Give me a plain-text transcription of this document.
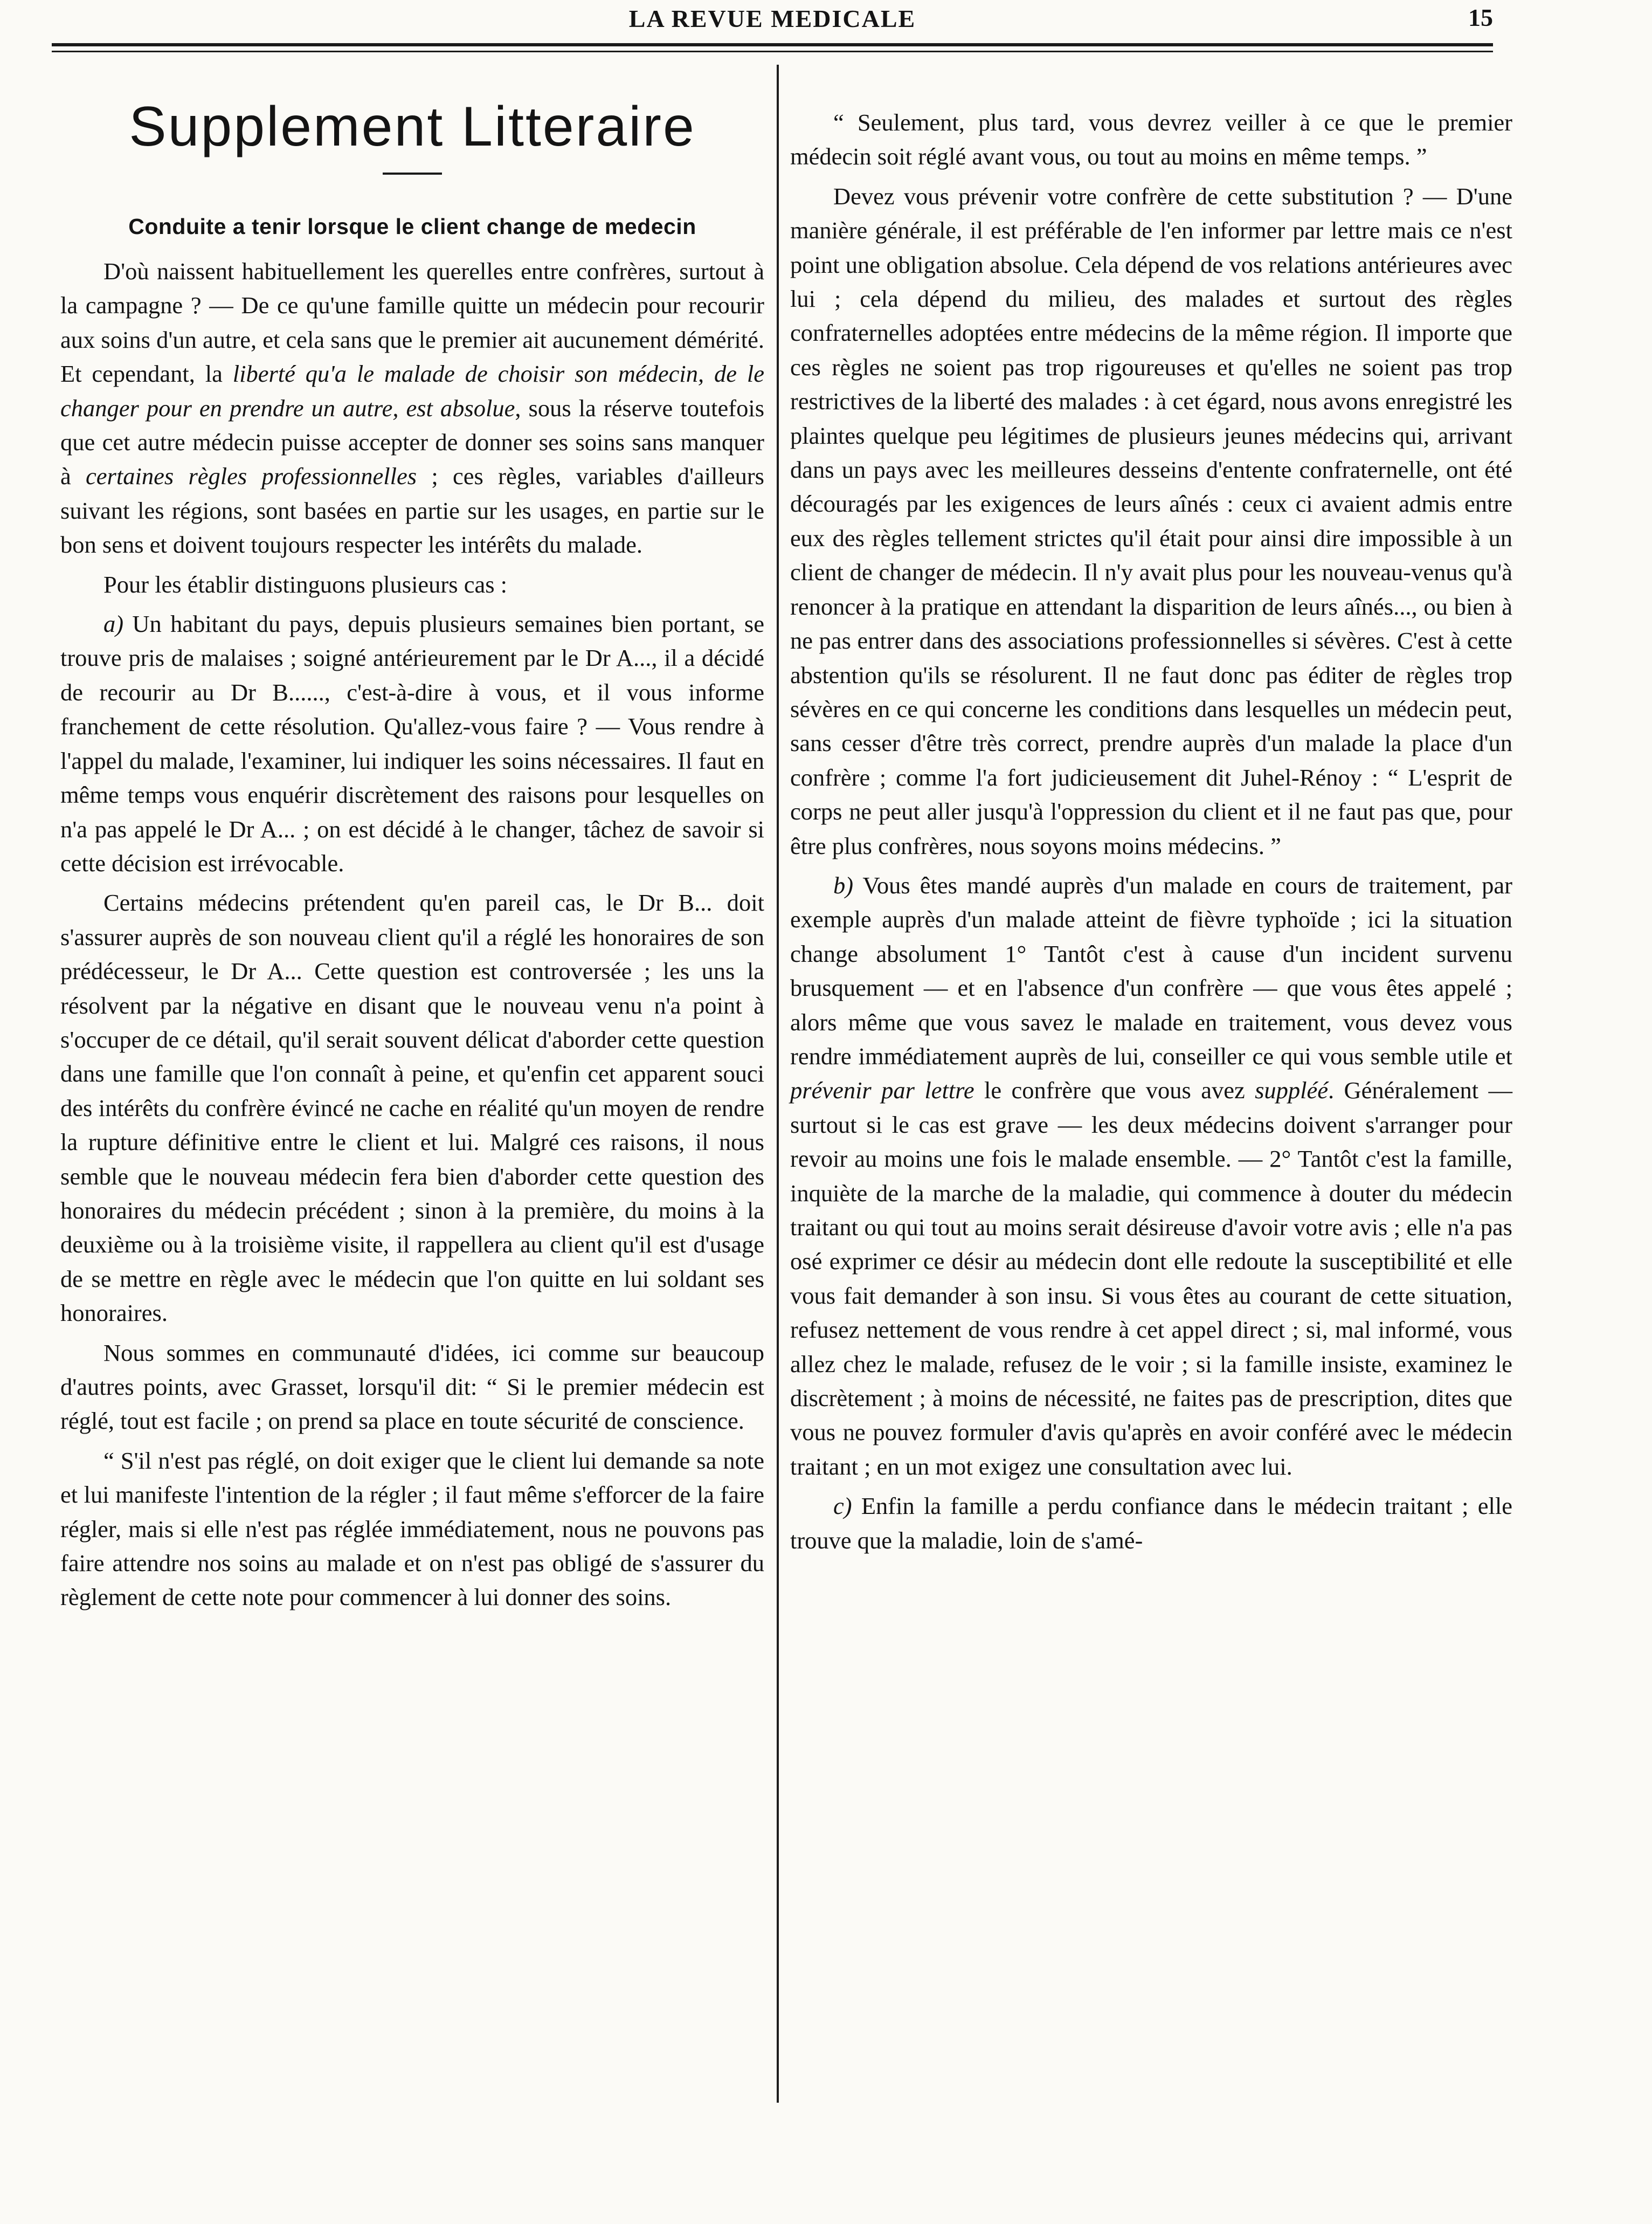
LA REVUE MEDICALE	15
Supplement Litteraire
Conduite a tenir lorsque le client change de medecin

D'où naissent habituellement les querelles entre confrères, surtout à la campagne ? — De ce qu'une famille quitte un médecin pour recourir aux soins d'un autre, et cela sans que le premier ait aucunement démérité. Et cependant, la liberté qu'a le malade de choisir son médecin, de le changer pour en prendre un autre, est absolue, sous la réserve toutefois que cet autre médecin puisse accepter de donner ses soins sans manquer à certaines règles professionnelles ; ces règles, variables d'ailleurs suivant les régions, sont basées en partie sur les usages, en partie sur le bon sens et doivent toujours respecter les intérêts du malade.

Pour les établir distinguons plusieurs cas :

a) Un habitant du pays, depuis plusieurs semaines bien portant, se trouve pris de malaises ; soigné antérieurement par le Dr A..., il a décidé de recourir au Dr B......, c'est-à-dire à vous, et il vous informe franchement de cette résolution. Qu'allez-vous faire ? — Vous rendre à l'appel du malade, l'examiner, lui indiquer les soins nécessaires. Il faut en même temps vous enquérir discrètement des raisons pour lesquelles on n'a pas appelé le Dr A... ; on est décidé à le changer, tâchez de savoir si cette décision est irrévocable.

Certains médecins prétendent qu'en pareil cas, le Dr B... doit s'assurer auprès de son nouveau client qu'il a réglé les honoraires de son prédécesseur, le Dr A... Cette question est controversée ; les uns la résolvent par la négative en disant que le nouveau venu n'a point à s'occuper de ce détail, qu'il serait souvent délicat d'aborder cette question dans une famille que l'on connaît à peine, et qu'enfin cet apparent souci des intérêts du confrère évincé ne cache en réalité qu'un moyen de rendre la rupture définitive entre le client et lui. Malgré ces raisons, il nous semble que le nouveau médecin fera bien d'aborder cette question des honoraires du médecin précédent ; sinon à la première, du moins à la deuxième ou à la troisième visite, il rappellera au client qu'il est d'usage de se mettre en règle avec le médecin que l'on quitte en lui soldant ses honoraires.

Nous sommes en communauté d'idées, ici comme sur beaucoup d'autres points, avec Grasset, lorsqu'il dit: “ Si le premier médecin est réglé, tout est facile ; on prend sa place en toute sécurité de conscience.

“ S'il n'est pas réglé, on doit exiger que le client lui demande sa note et lui manifeste l'intention de la régler ; il faut même s'efforcer de la faire régler, mais si elle n'est pas réglée immédiatement, nous ne pouvons pas faire attendre nos soins au malade et on n'est pas obligé de s'assurer du règlement de cette note pour commencer à lui donner des soins.

“ Seulement, plus tard, vous devrez veiller à ce que le premier médecin soit réglé avant vous, ou tout au moins en même temps. ”

Devez vous prévenir votre confrère de cette substitution ? — D'une manière générale, il est préférable de l'en informer par lettre mais ce n'est point une obligation absolue. Cela dépend de vos relations antérieures avec lui ; cela dépend du milieu, des malades et surtout des règles confraternelles adoptées entre médecins de la même région. Il importe que ces règles ne soient pas trop rigoureuses et qu'elles ne soient pas trop restrictives de la liberté des malades : à cet égard, nous avons enregistré les plaintes quelque peu légitimes de plusieurs jeunes médecins qui, arrivant dans un pays avec les meilleures desseins d'entente confraternelle, ont été découragés par les exigences de leurs aînés : ceux ci avaient admis entre eux des règles tellement strictes qu'il était pour ainsi dire impossible à un client de changer de médecin. Il n'y avait plus pour les nouveau-venus qu'à renoncer à la pratique en attendant la disparition de leurs aînés..., ou bien à ne pas entrer dans des associations professionnelles si sévères. C'est à cette abstention qu'ils se résolurent. Il ne faut donc pas éditer de règles trop sévères en ce qui concerne les conditions dans lesquelles un médecin peut, sans cesser d'être très correct, prendre auprès d'un malade la place d'un confrère ; comme l'a fort judicieusement dit Juhel-Rénoy : “ L'esprit de corps ne peut aller jusqu'à l'oppression du client et il ne faut pas que, pour être plus confrères, nous soyons moins médecins. ”

b) Vous êtes mandé auprès d'un malade en cours de traitement, par exemple auprès d'un malade atteint de fièvre typhoïde ; ici la situation change absolument 1° Tantôt c'est à cause d'un incident survenu brusquement — et en l'absence d'un confrère — que vous êtes appelé ; alors même que vous savez le malade en traitement, vous devez vous rendre immédiatement auprès de lui, conseiller ce qui vous semble utile et prévenir par lettre le confrère que vous avez suppléé. Généralement — surtout si le cas est grave — les deux médecins doivent s'arranger pour revoir au moins une fois le malade ensemble. — 2° Tantôt c'est la famille, inquiète de la marche de la maladie, qui commence à douter du médecin traitant ou qui tout au moins serait désireuse d'avoir votre avis ; elle n'a pas osé exprimer ce désir au médecin dont elle redoute la susceptibilité et elle vous fait demander à son insu. Si vous êtes au courant de cette situation, refusez nettement de vous rendre à cet appel direct ; si, mal informé, vous allez chez le malade, refusez de le voir ; si la famille insiste, examinez le discrètement ; à moins de nécessité, ne faites pas de prescription, dites que vous ne pouvez formuler d'avis qu'après en avoir conféré avec le médecin traitant ; en un mot exigez une consultation avec lui.

c) Enfin la famille a perdu confiance dans le médecin traitant ; elle trouve que la maladie, loin de s'amé-
